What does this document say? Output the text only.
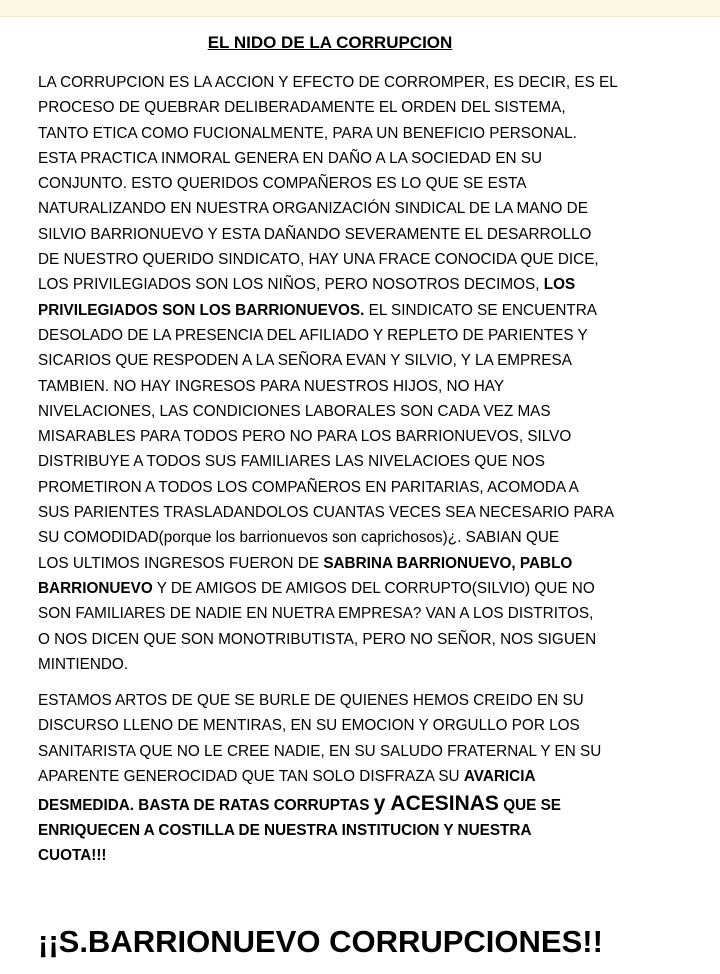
EL NIDO DE LA CORRUPCION
LA CORRUPCION ES LA ACCION Y EFECTO DE CORROMPER, ES DECIR, ES EL
PROCESO DE QUEBRAR DELIBERADAMENTE EL ORDEN DEL SISTEMA,
TANTO ETICA COMO FUCIONALMENTE, PARA UN BENEFICIO PERSONAL.
ESTA PRACTICA INMORAL GENERA EN DAÑO A LA SOCIEDAD EN SU
CONJUNTO. ESTO QUERIDOS COMPAÑEROS ES LO QUE SE ESTA
NATURALIZANDO EN NUESTRA ORGANIZACIÓN SINDICAL DE LA MANO DE
SILVIO BARRIONUEVO Y ESTA DAÑANDO SEVERAMENTE EL DESARROLLO
DE NUESTRO QUERIDO SINDICATO, HAY UNA FRACE CONOCIDA QUE DICE,
LOS PRIVILEGIADOS SON LOS NIÑOS, PERO NOSOTROS DECIMOS, LOS
PRIVILEGIADOS SON LOS BARRIONUEVOS. EL SINDICATO SE ENCUENTRA
DESOLADO DE LA PRESENCIA DEL AFILIADO Y REPLETO DE PARIENTES Y
SICARIOS QUE RESPODEN A LA SEÑORA EVAN Y SILVIO, Y LA EMPRESA
TAMBIEN. NO HAY INGRESOS PARA NUESTROS HIJOS, NO HAY
NIVELACIONES, LAS CONDICIONES LABORALES SON CADA VEZ MAS
MISARABLES PARA TODOS PERO NO PARA LOS BARRIONUEVOS, SILVO
DISTRIBUYE A TODOS SUS FAMILIARES LAS NIVELACIOES QUE NOS
PROMETIRON A TODOS LOS COMPAÑEROS EN PARITARIAS, ACOMODA A
SUS PARIENTES TRASLADANDOLOS CUANTAS VECES SEA NECESARIO PARA
SU COMODIDAD(porque los barrionuevos son caprichosos)¿. SABIAN QUE
LOS ULTIMOS INGRESOS FUERON DE SABRINA BARRIONUEVO, PABLO
BARRIONUEVO Y DE AMIGOS DE AMIGOS DEL CORRUPTO(SILVIO) QUE NO
SON FAMILIARES DE NADIE EN NUETRA EMPRESA? VAN A LOS DISTRITOS,
O NOS DICEN QUE SON MONOTRIBUTISTA, PERO NO SEÑOR, NOS SIGUEN
MINTIENDO.
ESTAMOS ARTOS DE QUE SE BURLE DE QUIENES HEMOS CREIDO EN SU
DISCURSO LLENO DE MENTIRAS, EN SU EMOCION Y ORGULLO POR LOS
SANITARISTA QUE NO LE CREE NADIE, EN SU SALUDO FRATERNAL Y EN SU
APARENTE GENEROCIDAD QUE TAN SOLO DISFRAZA SU AVARICIA
DESMEDIDA. BASTA DE RATAS CORRUPTAS y ACESINAS QUE SE
ENRIQUECEN A COSTILLA DE NUESTRA INSTITUCION Y NUESTRA
CUOTA!!!
¡¡S.BARRIONUEVO CORRUPCIONES!!
